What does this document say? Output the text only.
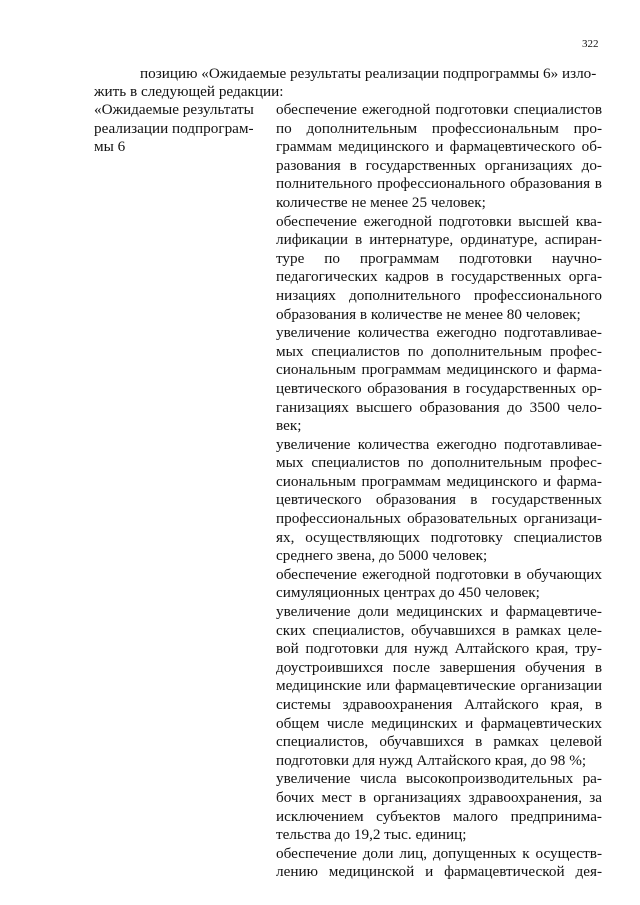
322
позицию «Ожидаемые результаты реализации подпрограммы 6» изло-
жить в следующей редакции:
«Ожидаемые результаты
реализации подпрограм-
мы 6
обеспечение ежегодной подготовки специалистов
по дополнительным профессиональным про-
граммам медицинского и фармацевтического об-
разования в государственных организациях до-
полнительного профессионального образования в
количестве не менее 25 человек;
обеспечение ежегодной подготовки высшей ква-
лификации в интернатуре, ординатуре, аспиран-
туре по программам подготовки научно-
педагогических кадров в государственных орга-
низациях дополнительного профессионального
образования в количестве не менее 80 человек;
увеличение количества ежегодно подготавливае-
мых специалистов по дополнительным профес-
сиональным программам медицинского и фарма-
цевтического образования в государственных ор-
ганизациях высшего образования до 3500 чело-
век;
увеличение количества ежегодно подготавливае-
мых специалистов по дополнительным профес-
сиональным программам медицинского и фарма-
цевтического образования в государственных
профессиональных образовательных организаци-
ях, осуществляющих подготовку специалистов
среднего звена, до 5000 человек;
обеспечение ежегодной подготовки в обучающих
симуляционных центрах до 450 человек;
увеличение доли медицинских и фармацевтиче-
ских специалистов, обучавшихся в рамках целе-
вой подготовки для нужд Алтайского края, тру-
доустроившихся после завершения обучения в
медицинские или фармацевтические организации
системы здравоохранения Алтайского края, в
общем числе медицинских и фармацевтических
специалистов, обучавшихся в рамках целевой
подготовки для нужд Алтайского края, до 98 %;
увеличение числа высокопроизводительных ра-
бочих мест в организациях здравоохранения, за
исключением субъектов малого предпринима-
тельства до 19,2 тыс. единиц;
обеспечение доли лиц, допущенных к осуществ-
лению медицинской и фармацевтической дея-
